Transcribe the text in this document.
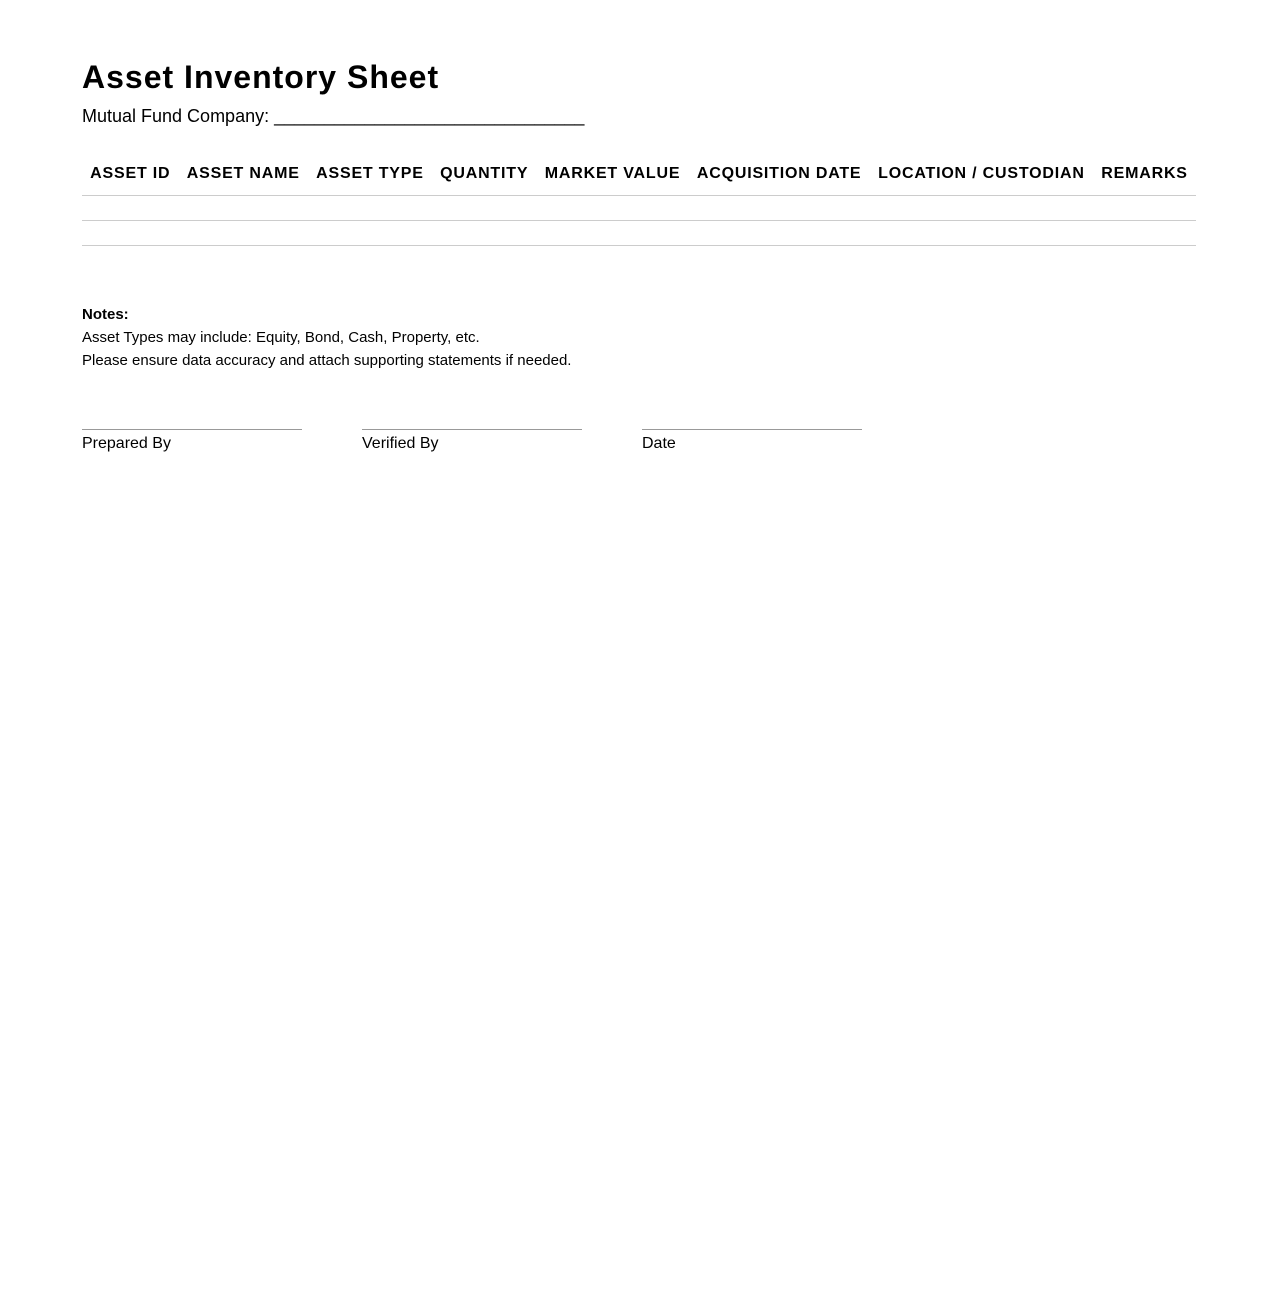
Asset Inventory Sheet
Mutual Fund Company: _______________________________
ASSET ID	ASSET NAME	ASSET TYPE	QUANTITY	MARKET VALUE	ACQUISITION DATE	LOCATION / CUSTODIAN	REMARKS

Notes:
Asset Types may include: Equity, Bond, Cash, Property, etc.
Please ensure data accuracy and attach supporting statements if needed.
Prepared By	Verified By	Date
